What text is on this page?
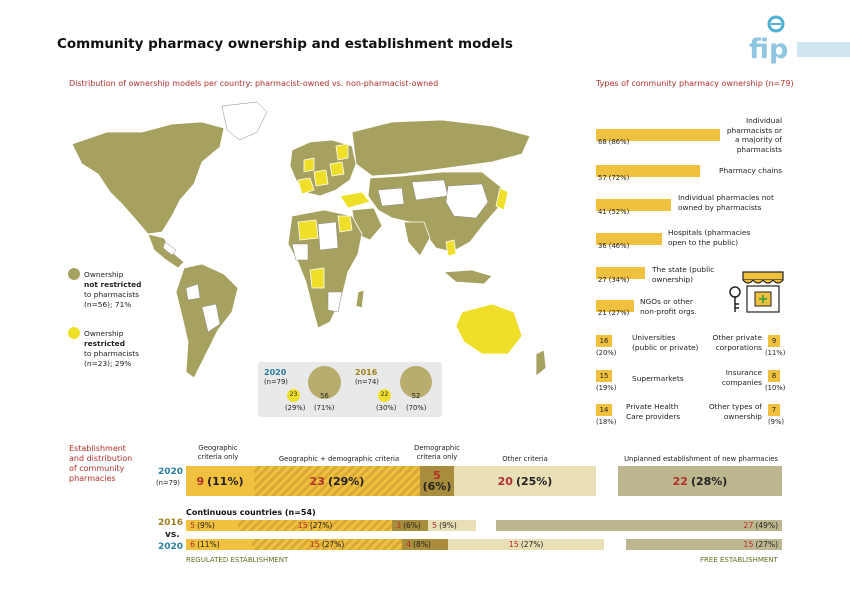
Community pharmacy ownership and establishment models	fip
Distribution of ownership models per country: pharmacist-owned vs. non-pharmacist-owned	Types of community pharmacy ownership (n=79)
Ownership
not restricted
to pharmacists
(n=56); 71%
Ownership
restricted
to pharmacists
(n=23); 29%
2020
(n=79)
23
(29%)
56
(71%)
2016
(n=74)
22
(30%)
52
(70%)
68 (86%)
Individual pharmacists or a majority of pharmacists
57 (72%)
Pharmacy chains
41 (52%)
Individual pharmacies not owned by pharmacists
36 (46%)
Hospitals (pharmacies open to the public)
27 (34%)
The state (public ownership)
21 (27%)
NGOs or other non-profit orgs.
16
(20%)
Universities (public or private)
Other private corporations
9
(11%)
15
(19%)
Supermarkets
Insurance companies
8
(10%)
14
(18%)
Private Health Care providers
Other types of ownership
7
(9%)
Establishment
and distribution
of community
pharmacies
Geographic criteria only	Geographic + demographic criteria
Demographic criteria only	Other criteria	Unplanned establishment of new pharmacies
2020
(n=79) 9 (11%)	23 (29%)	5
(6%)	20 (25%)	22 (28%)
Continuous countries (n=54)
2016
vs.
2020
5 (9%)	15 (27%)	3 (6%) 5 (9%)	27 (49%)
6 (11%)	15 (27%)	4 (8%)	15 (27%)	15 (27%)
REGULATED ESTABLISHMENT	FREE ESTABLISHMENT
